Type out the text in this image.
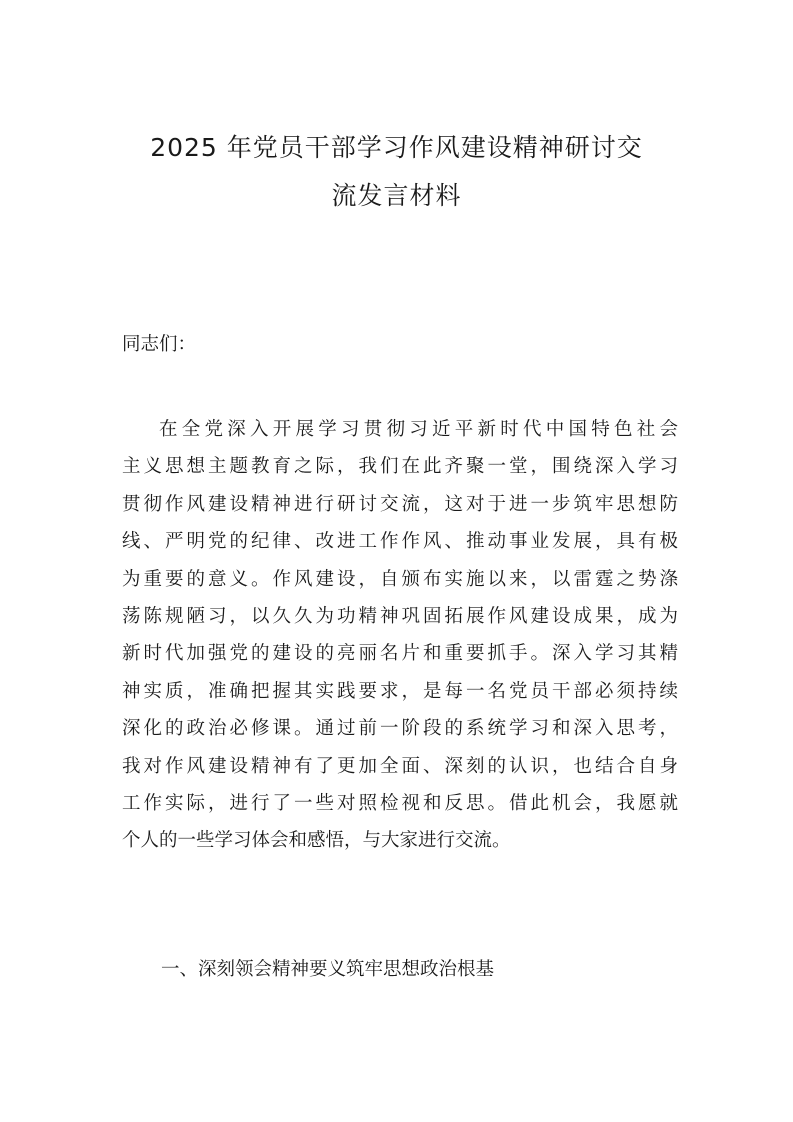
2025 年党员干部学习作风建设精神研讨交
流发言材料

同志们：

在全党深入开展学习贯彻习近平新时代中国特色社会
主义思想主题教育之际，我们在此齐聚一堂，围绕深入学习
贯彻作风建设精神进行研讨交流，这对于进一步筑牢思想防
线、严明党的纪律、改进工作作风、推动事业发展，具有极
为重要的意义。作风建设，自颁布实施以来，以雷霆之势涤
荡陈规陋习，以久久为功精神巩固拓展作风建设成果，成为
新时代加强党的建设的亮丽名片和重要抓手。深入学习其精
神实质，准确把握其实践要求，是每一名党员干部必须持续
深化的政治必修课。通过前一阶段的系统学习和深入思考，
我对作风建设精神有了更加全面、深刻的认识，也结合自身
工作实际，进行了一些对照检视和反思。借此机会，我愿就
个人的一些学习体会和感悟，与大家进行交流。

一、深刻领会精神要义筑牢思想政治根基
